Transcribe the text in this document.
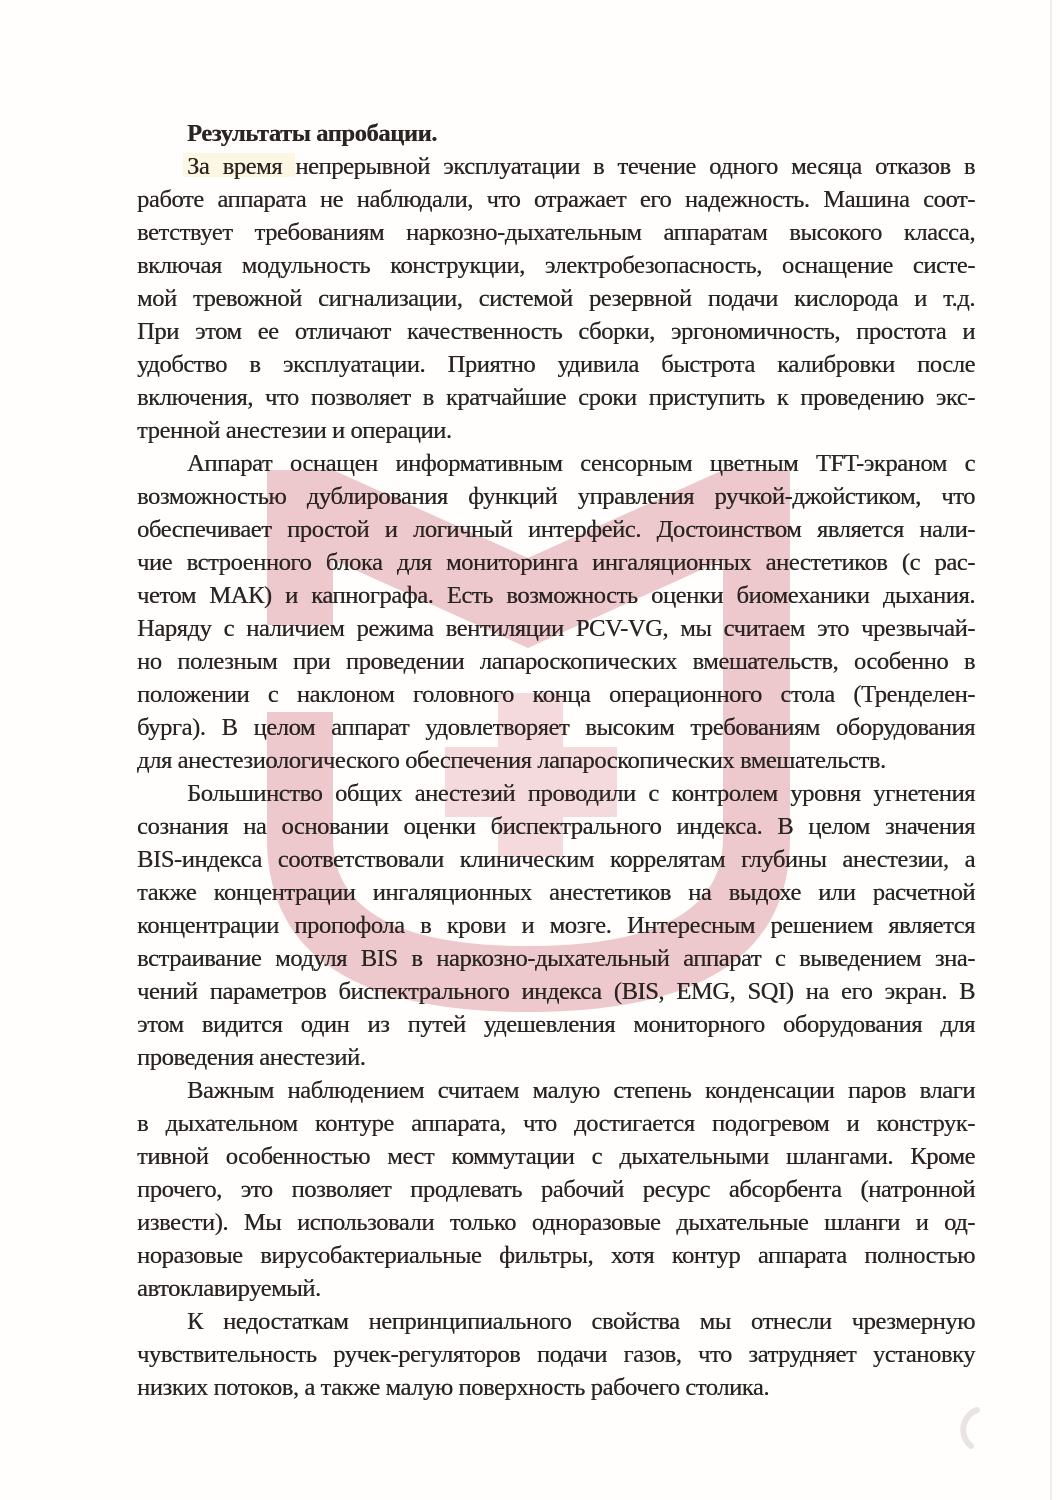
Результаты апробации.
За время непрерывной эксплуатации в течение одного месяца отказов в
работе аппарата не наблюдали, что отражает его надежность. Машина соот-
ветствует требованиям наркозно-дыхательным аппаратам высокого класса,
включая модульность конструкции, электробезопасность, оснащение систе-
мой тревожной сигнализации, системой резервной подачи кислорода и т.д.
При этом ее отличают качественность сборки, эргономичность, простота и
удобство в эксплуатации. Приятно удивила быстрота калибровки после
включения, что позволяет в кратчайшие сроки приступить к проведению экс-
тренной анестезии и операции.
Аппарат оснащен информативным сенсорным цветным TFT-экраном с
возможностью дублирования функций управления ручкой-джойстиком, что
обеспечивает простой и логичный интерфейс. Достоинством является нали-
чие встроенного блока для мониторинга ингаляционных анестетиков (с рас-
четом МАК) и капнографа. Есть возможность оценки биомеханики дыхания.
Наряду с наличием режима вентиляции PCV-VG, мы считаем это чрезвычай-
но полезным при проведении лапароскопических вмешательств, особенно в
положении с наклоном головного конца операционного стола (Тренделен-
бурга). В целом аппарат удовлетворяет высоким требованиям оборудования
для анестезиологического обеспечения лапароскопических вмешательств.
Большинство общих анестезий проводили с контролем уровня угнетения
сознания на основании оценки биспектрального индекса. В целом значения
BIS-индекса соответствовали клиническим коррелятам глубины анестезии, а
также концентрации ингаляционных анестетиков на выдохе или расчетной
концентрации пропофола в крови и мозге. Интересным решением является
встраивание модуля BIS в наркозно-дыхательный аппарат с выведением зна-
чений параметров биспектрального индекса (BIS, EMG, SQI) на его экран. В
этом видится один из путей удешевления мониторного оборудования для
проведения анестезий.
Важным наблюдением считаем малую степень конденсации паров влаги
в дыхательном контуре аппарата, что достигается подогревом и конструк-
тивной особенностью мест коммутации с дыхательными шлангами. Кроме
прочего, это позволяет продлевать рабочий ресурс абсорбента (натронной
извести). Мы использовали только одноразовые дыхательные шланги и од-
норазовые вирусобактериальные фильтры, хотя контур аппарата полностью
автоклавируемый.
К недостаткам непринципиального свойства мы отнесли чрезмерную
чувствительность ручек-регуляторов подачи газов, что затрудняет установку
низких потоков, а также малую поверхность рабочего столика.
